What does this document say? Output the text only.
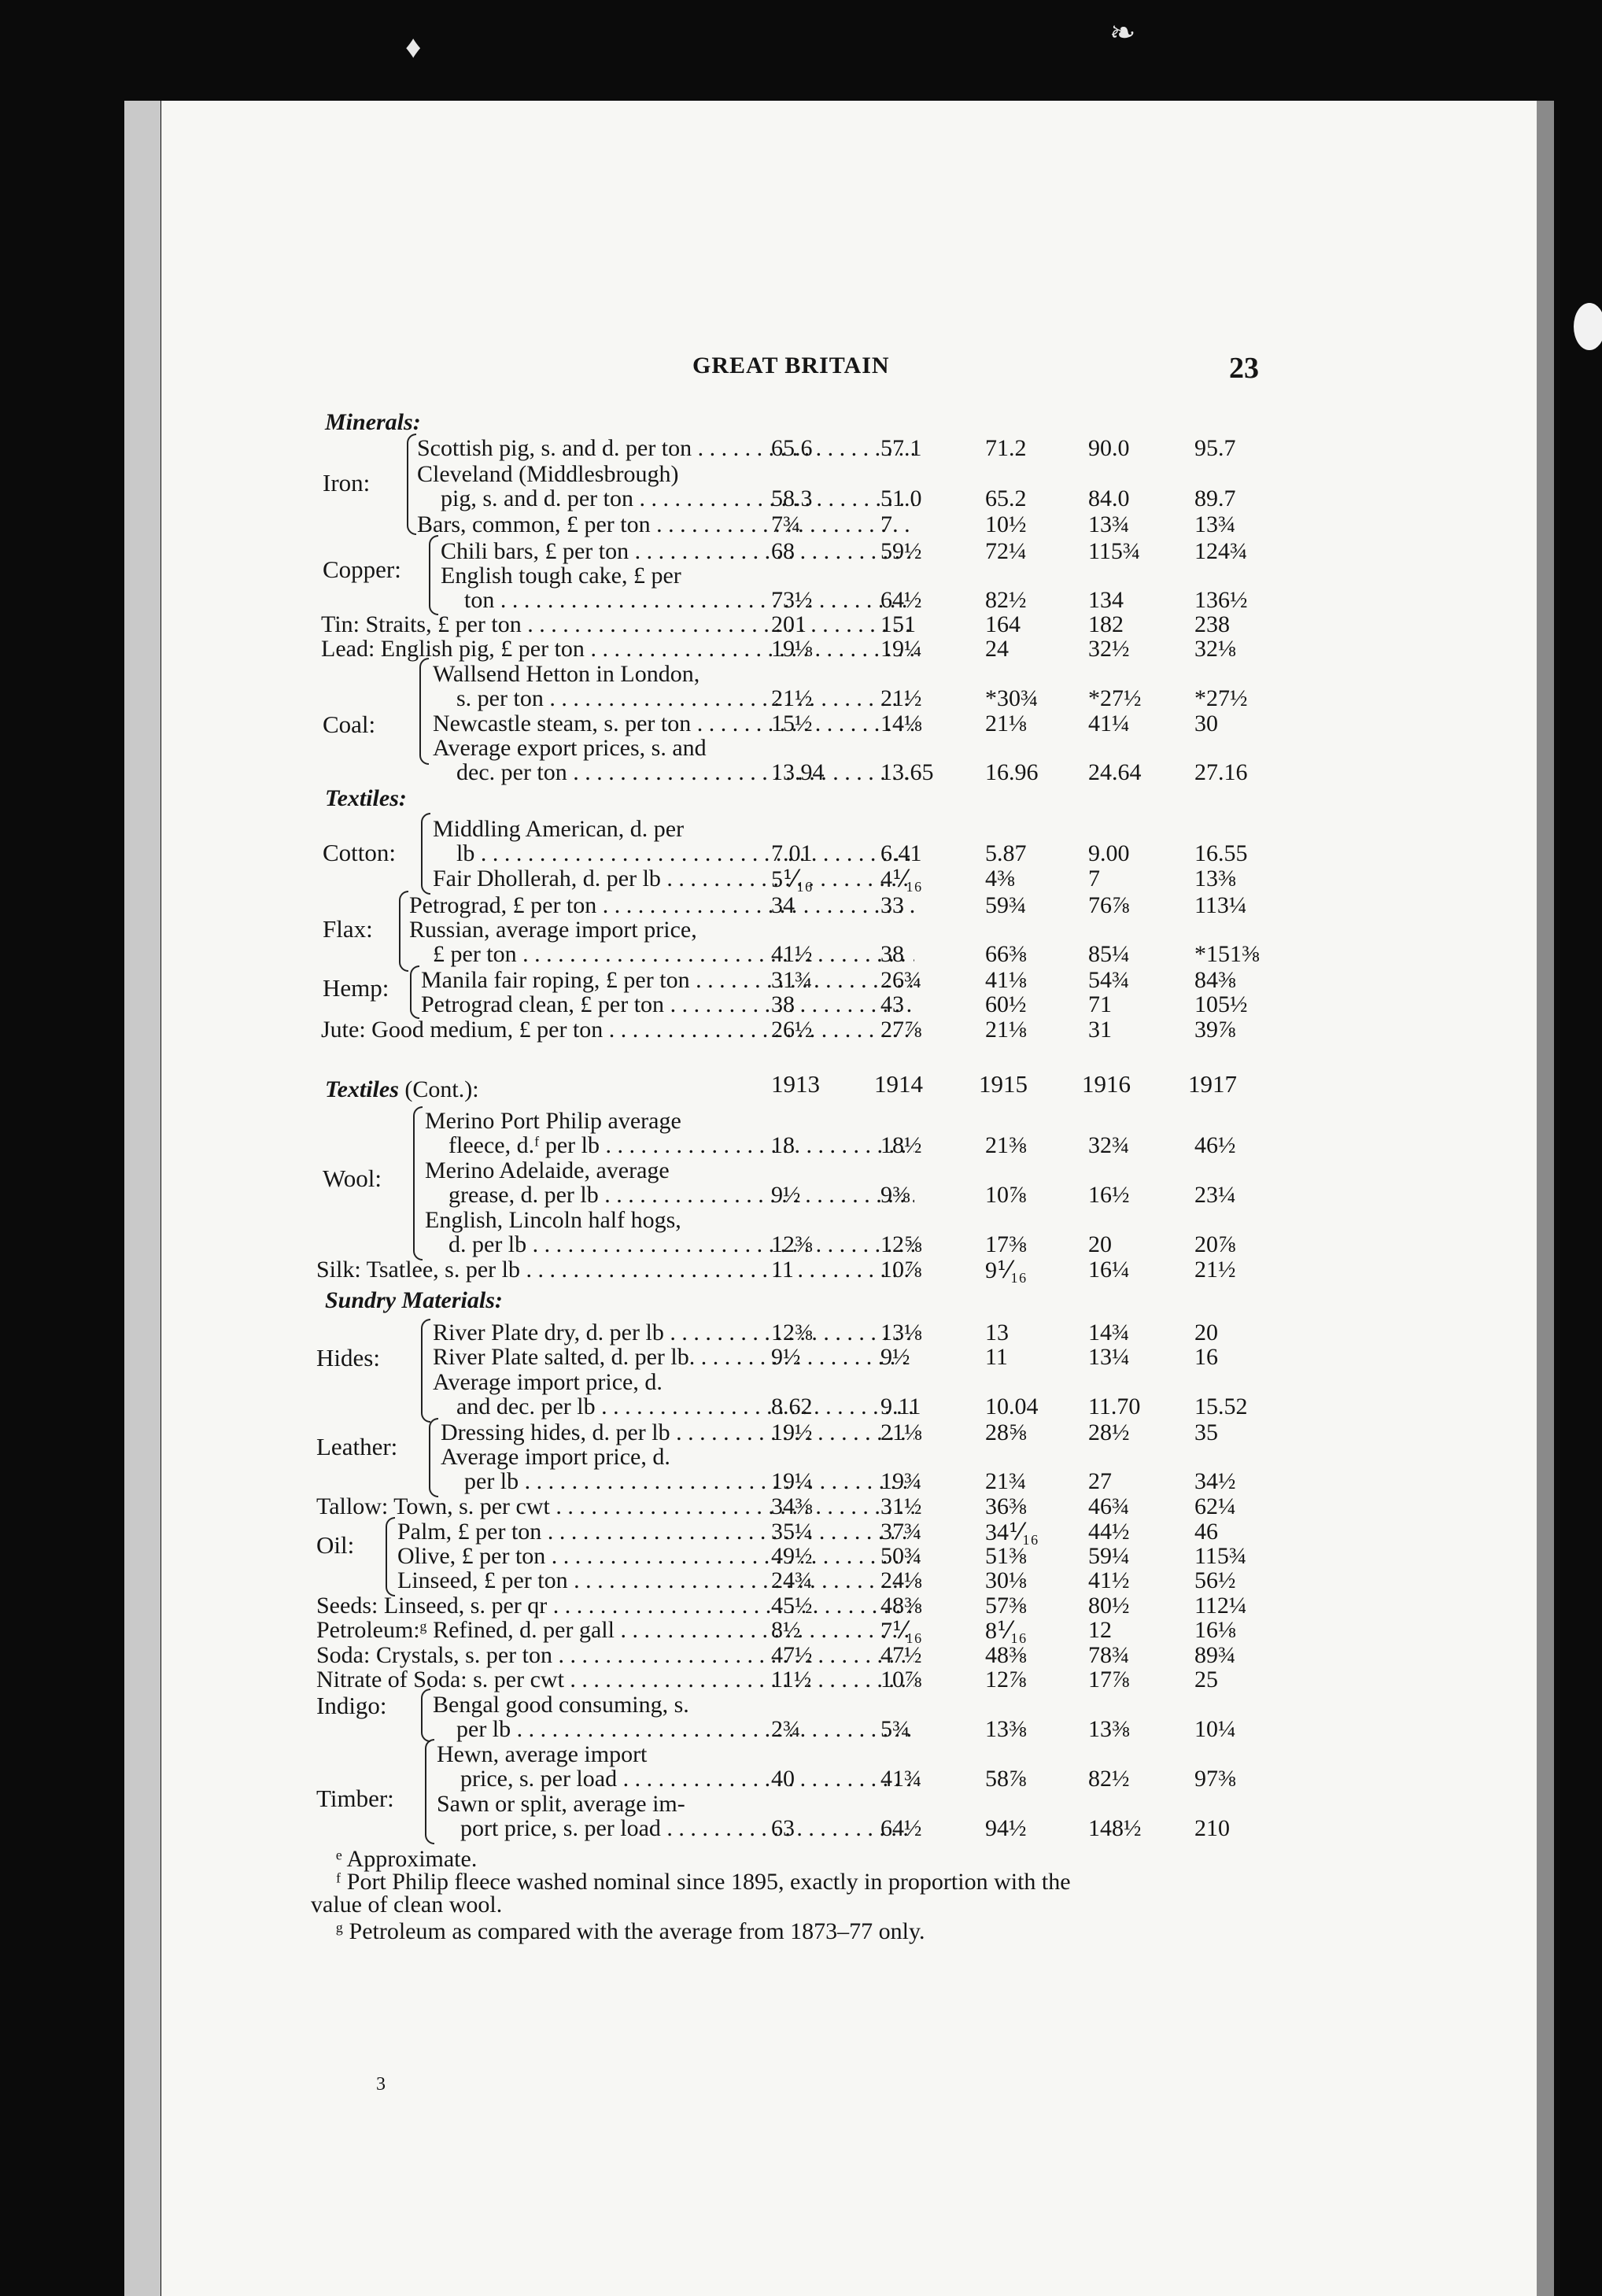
♦	❧
GREAT BRITAIN	23
Minerals:
Textiles:
Textiles (Cont.):
Sundry Materials:
1913 1914 1915 1916 1917
Scottish pig, s. and d. per ton . . .	65.6	57.1	71.2	90.0	95.7
Cleveland (Middlesbrough)
pig, s. and d. per ton . . .	58.3	51.0	65.2	84.0	89.7
Bars, common, £ per ton . . .	7¾	7	10½	13¾	13¾
Chili bars, £ per ton . . .	68	59½	72¼	115¾ 124¾
English tough cake, £ per
ton . . .	73½	64½	82½	134	136½
Tin: Straits, £ per ton . . .	201	151	164	182	238
Lead: English pig, £ per ton . . .	19⅛	19¼	24	32½	32⅛
Wallsend Hetton in London,
s. per ton . . .	21½	21½	*30¾ *27½ *27½
Newcastle steam, s. per ton . . .	15½	14⅛	21⅛	41¼	30
Average export prices, s. and
dec. per ton . . .	13.94 13.65 16.96 24.64 27.16
Middling American, d. per
lb . . .	7.01	6.41	5.87	9.00	16.55
Fair Dhollerah, d. per lb . . .	5⅟₁₆	4⅟₁₆	4⅜	7	13⅜
Petrograd, £ per ton . . .	34	33	59¾	76⅞	113¼
Russian, average import price,
£ per ton . . .	41½	38	66⅜	85¼	*151⅜
Manila fair roping, £ per ton . . .	31¾	26¾	41⅛	54¾	84⅜
Petrograd clean, £ per ton . . .	38	43	60½	71	105½
Jute: Good medium, £ per ton . . .	26½	27⅞	21⅛	31	39⅞
Merino Port Philip average
fleece, d.ᶠ per lb . . .	18	18½	21⅜	32¾	46½
Merino Adelaide, average
grease, d. per lb . . .	9½	9⅜	10⅞	16½	23¼
English, Lincoln half hogs,
d. per lb . . .	12⅜	12⅝	17⅜	20	20⅞
Silk: Tsatlee, s. per lb . . .	11	10⅞	9⅟₁₆	16¼	21½
River Plate dry, d. per lb . . .	12⅜	13⅛	13	14¾	20
River Plate salted, d. per lb. . . .	9½	9½	11	13¼	16
Average import price, d.
and dec. per lb . . .	8.62	9.11	10.04 11.70 15.52
Dressing hides, d. per lb . . .	19½	21⅛	28⅝	28½	35
Average import price, d.
per lb . . .	19¼	19¾	21¾	27	34½
Tallow: Town, s. per cwt . . .	34⅜	31½	36⅜	46¾	62¼
Palm, £ per ton . . .	35¼	37¾	34⅟₁₆ 44½	46
Olive, £ per ton . . .	49½	50¾	51⅜	59¼	115¾
Linseed, £ per ton . . .	24¾	24⅛	30⅛	41½	56½
Seeds: Linseed, s. per qr . . .	45½	48⅜	57⅜	80½	112¼
Petroleum:ᵍ Refined, d. per gall . . .	8½	7⅟₁₆	8⅟₁₆	12	16⅛
Soda: Crystals, s. per ton . . .	47½	47½	48⅜	78¾	89¾
Nitrate of Soda: s. per cwt . . .	11½	10⅞	12⅞	17⅞	25
Bengal good consuming, s.
per lb . . .	2¾	5¾	13⅜	13⅜	10¼
Hewn, average import
price, s. per load . . .	40	41¾	58⅞	82½	97⅜
Sawn or split, average im-
port price, s. per load . . .	63	64½	94½	148½ 210
Iron:
Copper:
Coal:
Cotton:
Flax:
Hemp:
Wool:
Hides:
Leather:
Oil:
Indigo:
Timber:
ᵉ Approximate.
ᶠ Port Philip fleece washed nominal since 1895, exactly in proportion with the
value of clean wool.
ᵍ Petroleum as compared with the average from 1873–77 only.
3
